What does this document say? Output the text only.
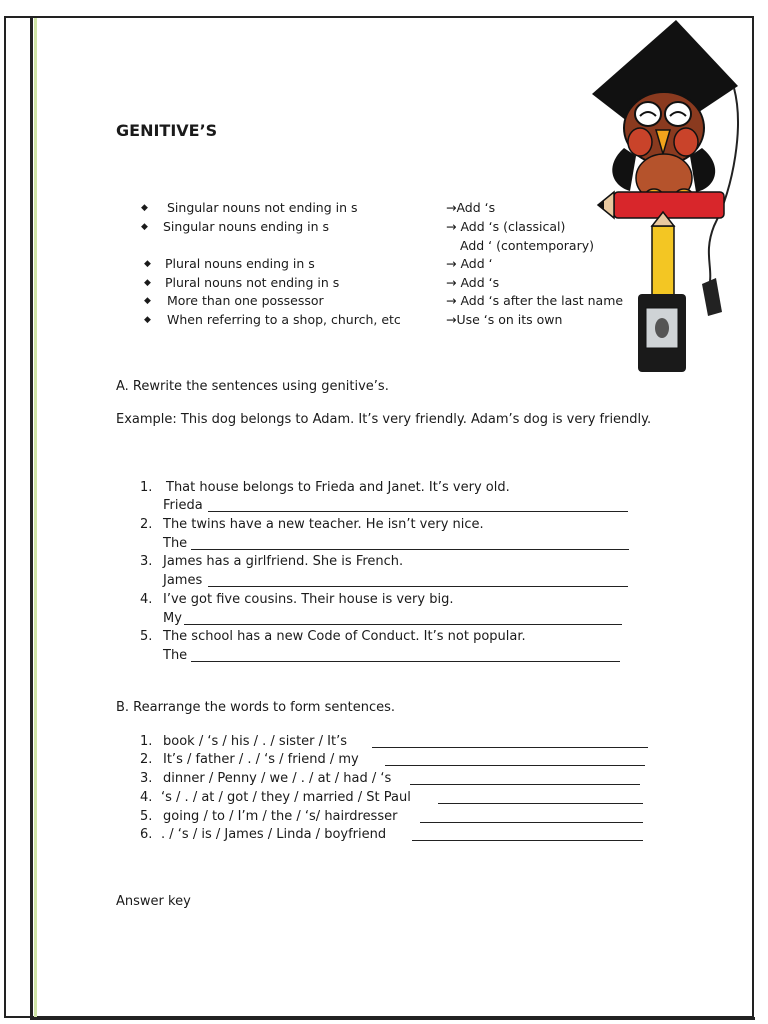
GENITIVE’S
◆ Singular nouns not ending in s	→Add ‘s
◆ Singular nouns ending in s	→ Add ‘s (classical)
Add ‘ (contemporary)
◆ Plural nouns ending in s	→ Add ‘
◆ Plural nouns not ending in s	→ Add ‘s
◆ More than one possessor	→ Add ‘s after the last name
◆ When referring to a shop, church, etc	→Use ‘s on its own
A. Rewrite the sentences using genitive’s.
Example: This dog belongs to Adam. It’s very friendly. Adam’s dog is very friendly.
1. That house belongs to Frieda and Janet. It’s very old.
Frieda
2. The twins have a new teacher. He isn’t very nice.
The
3. James has a girlfriend. She is French.
James
4. I’ve got five cousins. Their house is very big.
My
5. The school has a new Code of Conduct. It’s not popular.
The
B. Rearrange the words to form sentences.
1. book / ‘s / his / . / sister / It’s
2. It’s / father / . / ‘s / friend / my
3. dinner / Penny / we / . / at / had / ‘s
4. ‘s / . / at / got / they / married / St Paul
5. going / to / I’m / the / ‘s/ hairdresser
6. . / ‘s / is / James / Linda / boyfriend
Answer key
